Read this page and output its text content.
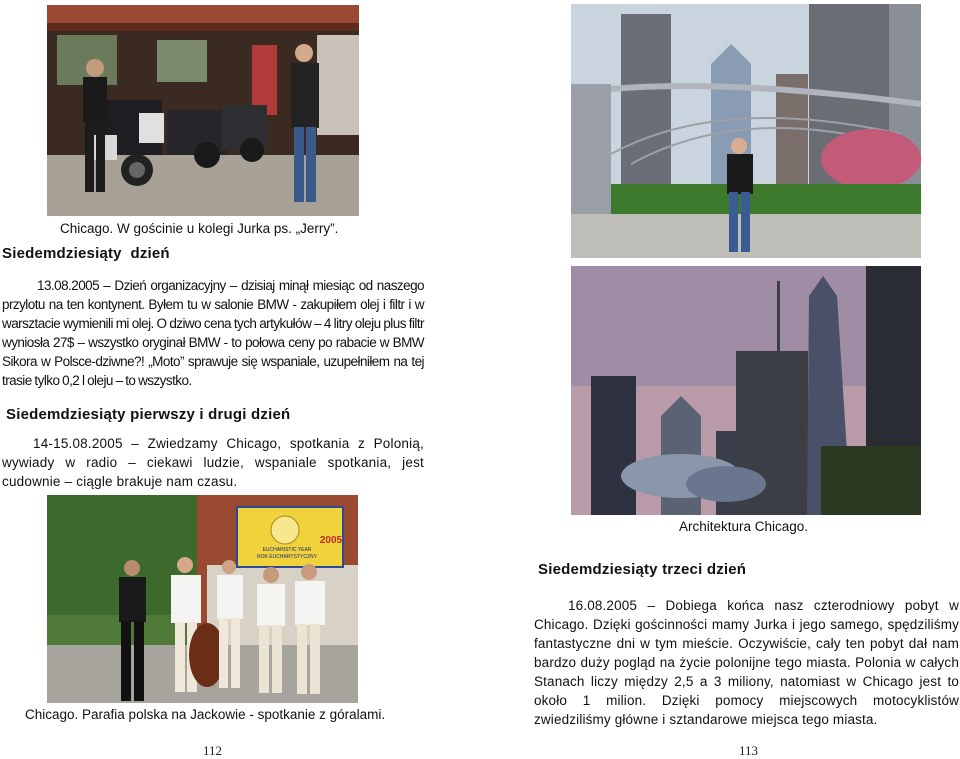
Chicago. W gościnie u kolegi Jurka ps. „Jerry”.
Siedemdziesiąty  dzień
13.08.2005 – Dzień organizacyjny – dzisiaj minął miesiąc od naszego przylotu na ten kontynent. Byłem tu w salonie BMW - zakupiłem olej i filtr i w warsztacie wymienili mi olej. O dziwo cena tych artykułów – 4 litry oleju plus filtr wyniosła 27$ – wszystko oryginał BMW - to połowa ceny po rabacie w BMW Sikora w Polsce-dziwne?! „Moto” sprawuje się wspaniale, uzupełniłem na tej trasie tylko 0,2 l oleju – to wszystko.
Siedemdziesiąty pierwszy i drugi dzień
14-15.08.2005 – Zwiedzamy Chicago, spotkania z Polonią, wywiady w radio – ciekawi ludzie, wspaniale spotkania, jest cudownie – ciągle brakuje nam czasu.
EUCHARISTIC YEAR
ROK EUCHARYSTYCZNY
2005
Chicago. Parafia polska na Jackowie - spotkanie z góralami.
112
Architektura Chicago.
Siedemdziesiąty trzeci dzień
16.08.2005 – Dobiega końca nasz czterodniowy pobyt w Chicago. Dzięki gościnności mamy Jurka i jego samego, spędziliśmy fantastyczne dni w tym mieście. Oczywiście, cały ten pobyt dał nam bardzo duży pogląd na życie polonijne tego miasta. Polonia w całych Stanach liczy między 2,5 a 3 miliony, natomiast w Chicago jest to około 1 milion. Dzięki pomocy miejscowych motocyklistów zwiedziliśmy główne i sztandarowe miejsca tego miasta.
113
